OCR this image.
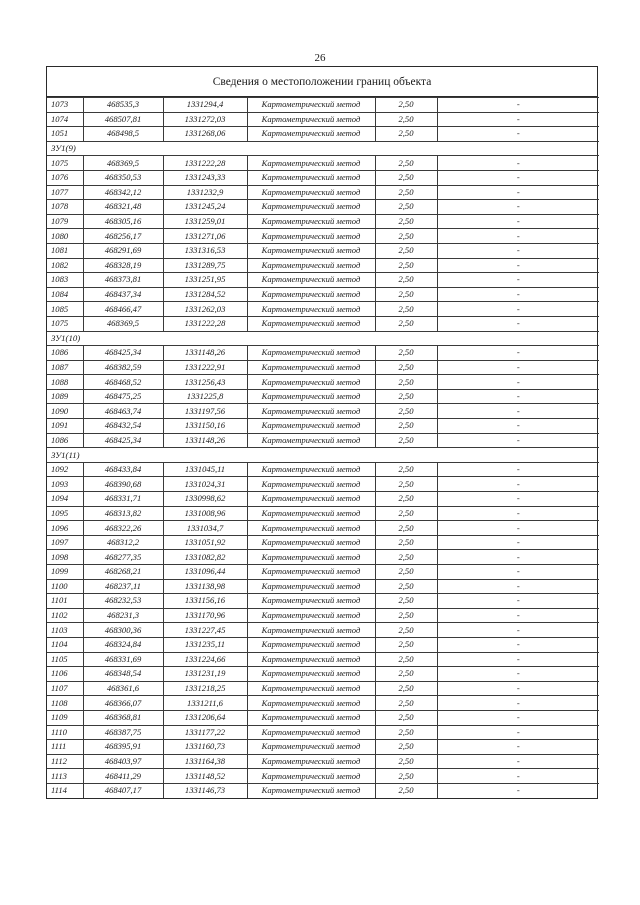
26
Сведения о местоположении границ объекта
1073	468535,3	1331294,4	Картометрический метод	2,50	-
1074	468507,81	1331272,03	Картометрический метод	2,50	-
1051	468498,5	1331268,06	Картометрический метод	2,50	-
ЗУ1(9)					
1075	468369,5	1331222,28	Картометрический метод	2,50	-
1076	468350,53	1331243,33	Картометрический метод	2,50	-
1077	468342,12	1331232,9	Картометрический метод	2,50	-
1078	468321,48	1331245,24	Картометрический метод	2,50	-
1079	468305,16	1331259,01	Картометрический метод	2,50	-
1080	468256,17	1331271,06	Картометрический метод	2,50	-
1081	468291,69	1331316,53	Картометрический метод	2,50	-
1082	468328,19	1331289,75	Картометрический метод	2,50	-
1083	468373,81	1331251,95	Картометрический метод	2,50	-
1084	468437,34	1331284,52	Картометрический метод	2,50	-
1085	468466,47	1331262,03	Картометрический метод	2,50	-
1075	468369,5	1331222,28	Картометрический метод	2,50	-
ЗУ1(10)					
1086	468425,34	1331148,26	Картометрический метод	2,50	-
1087	468382,59	1331222,91	Картометрический метод	2,50	-
1088	468468,52	1331256,43	Картометрический метод	2,50	-
1089	468475,25	1331225,8	Картометрический метод	2,50	-
1090	468463,74	1331197,56	Картометрический метод	2,50	-
1091	468432,54	1331150,16	Картометрический метод	2,50	-
1086	468425,34	1331148,26	Картометрический метод	2,50	-
ЗУ1(11)					
1092	468433,84	1331045,11	Картометрический метод	2,50	-
1093	468390,68	1331024,31	Картометрический метод	2,50	-
1094	468331,71	1330998,62	Картометрический метод	2,50	-
1095	468313,82	1331008,96	Картометрический метод	2,50	-
1096	468322,26	1331034,7	Картометрический метод	2,50	-
1097	468312,2	1331051,92	Картометрический метод	2,50	-
1098	468277,35	1331082,82	Картометрический метод	2,50	-
1099	468268,21	1331096,44	Картометрический метод	2,50	-
1100	468237,11	1331138,98	Картометрический метод	2,50	-
1101	468232,53	1331156,16	Картометрический метод	2,50	-
1102	468231,3	1331170,96	Картометрический метод	2,50	-
1103	468300,36	1331227,45	Картометрический метод	2,50	-
1104	468324,84	1331235,11	Картометрический метод	2,50	-
1105	468331,69	1331224,66	Картометрический метод	2,50	-
1106	468348,54	1331231,19	Картометрический метод	2,50	-
1107	468361,6	1331218,25	Картометрический метод	2,50	-
1108	468366,07	1331211,6	Картометрический метод	2,50	-
1109	468368,81	1331206,64	Картометрический метод	2,50	-
1110	468387,75	1331177,22	Картометрический метод	2,50	-
1111	468395,91	1331160,73	Картометрический метод	2,50	-
1112	468403,97	1331164,38	Картометрический метод	2,50	-
1113	468411,29	1331148,52	Картометрический метод	2,50	-
1114	468407,17	1331146,73	Картометрический метод	2,50	-
